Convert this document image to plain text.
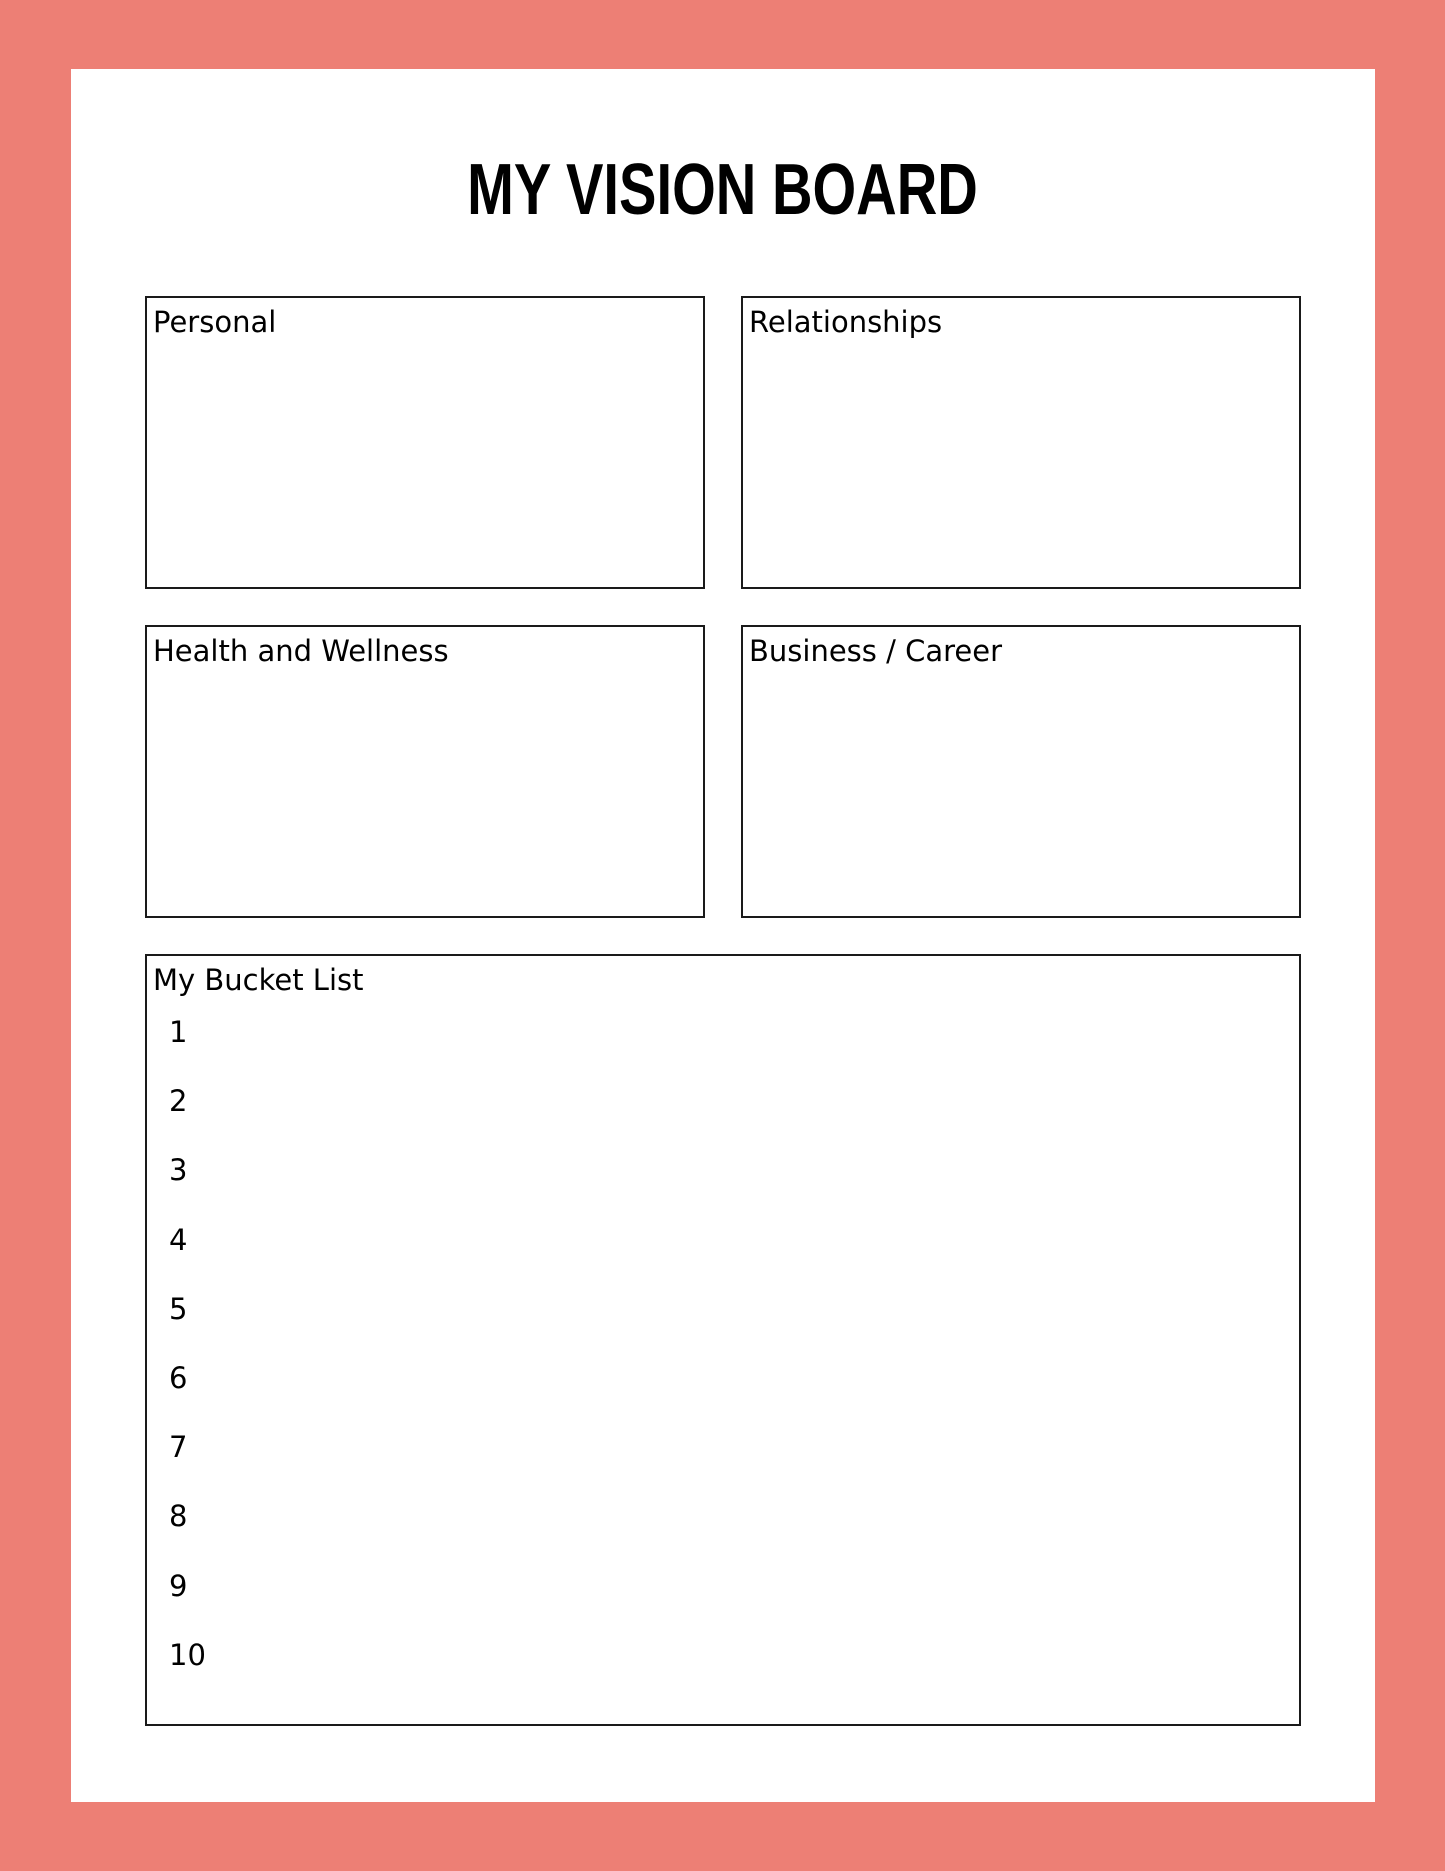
MY VISION BOARD
Personal	Relationships
Health and Wellness	Business / Career
My Bucket List
1
2
3
4
5
6
7
8
9
10
